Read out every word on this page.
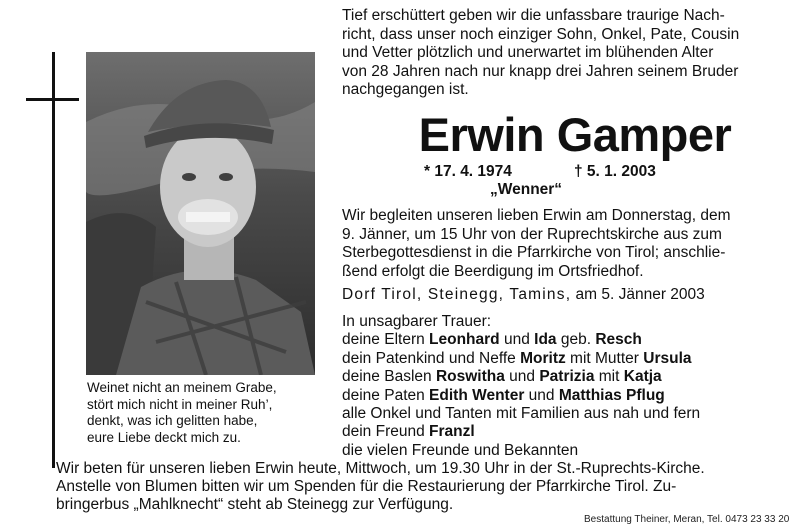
Tief erschüttert geben wir die unfassbare traurige Nach-
richt, dass unser noch einziger Sohn, Onkel, Pate, Cousin
und Vetter plötzlich und unerwartet im blühenden Alter
von 28 Jahren nach nur knapp drei Jahren seinem Bruder
nachgegangen ist.
Erwin Gamper
* 17. 4. 1974	† 5. 1. 2003
„Wenner“
Wir begleiten unseren lieben Erwin am Donnerstag, dem
9. Jänner, um 15 Uhr von der Ruprechtskirche aus zum
Sterbegottesdienst in die Pfarrkirche von Tirol; anschlie-
ßend erfolgt die Beerdigung im Ortsfriedhof.
Dorf Tirol, Steinegg, Tamins, am 5. Jänner 2003
In unsagbarer Trauer:
deine Eltern Leonhard und Ida geb. Resch
dein Patenkind und Neffe Moritz mit Mutter Ursula
deine Baslen Roswitha und Patrizia mit Katja
deine Paten Edith Wenter und Matthias Pflug
alle Onkel und Tanten mit Familien aus nah und fern
dein Freund Franzl
die vielen Freunde und Bekannten
Weinet nicht an meinem Grabe,
stört mich nicht in meiner Ruh’,
denkt, was ich gelitten habe,
eure Liebe deckt mich zu.
Wir beten für unseren lieben Erwin heute, Mittwoch, um 19.30 Uhr in der St.-Ruprechts-Kirche.
Anstelle von Blumen bitten wir um Spenden für die Restaurierung der Pfarrkirche Tirol. Zu-
bringerbus „Mahlknecht“ steht ab Steinegg zur Verfügung.
Bestattung Theiner, Meran, Tel. 0473 23 33 20
